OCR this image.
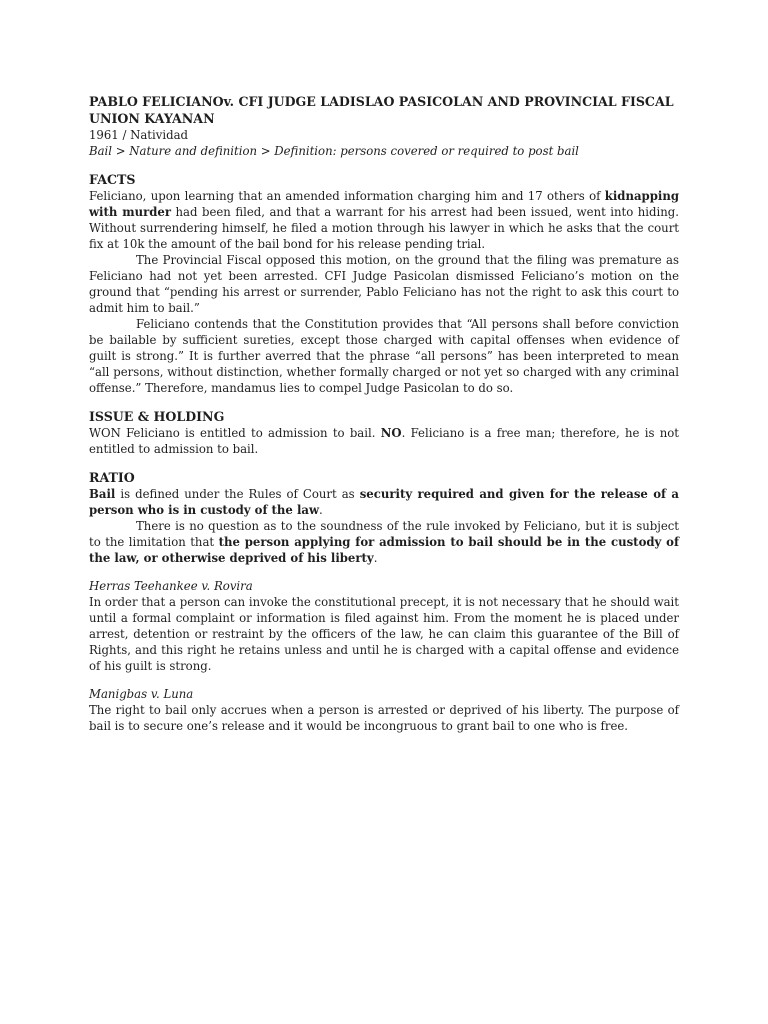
PABLO FELICIANOv. CFI JUDGE LADISLAO PASICOLAN AND PROVINCIAL FISCAL UNION KAYANAN

1961 / Natividad

Bail > Nature and definition > Definition: persons covered or required to post bail

FACTS

Feliciano, upon learning that an amended information charging him and 17 others of kidnapping with murder had been filed, and that a warrant for his arrest had been issued, went into hiding. Without surrendering himself, he filed a motion through his lawyer in which he asks that the court fix at 10k the amount of the bail bond for his release pending trial.

The Provincial Fiscal opposed this motion, on the ground that the filing was premature as Feliciano had not yet been arrested. CFI Judge Pasicolan dismissed Feliciano’s motion on the ground that “pending his arrest or surrender, Pablo Feliciano has not the right to ask this court to admit him to bail.”

Feliciano contends that the Constitution provides that “All persons shall before conviction be bailable by sufficient sureties, except those charged with capital offenses when evidence of guilt is strong.” It is further averred that the phrase “all persons” has been interpreted to mean “all persons, without distinction, whether formally charged or not yet so charged with any criminal offense.” Therefore, mandamus lies to compel Judge Pasicolan to do so.

ISSUE & HOLDING

WON Feliciano is entitled to admission to bail. NO. Feliciano is a free man; therefore, he is not entitled to admission to bail.

RATIO

Bail is defined under the Rules of Court as security required and given for the release of a person who is in custody of the law.

There is no question as to the soundness of the rule invoked by Feliciano, but it is subject to the limitation that the person applying for admission to bail should be in the custody of the law, or otherwise deprived of his liberty.

Herras Teehankee v. Rovira

In order that a person can invoke the constitutional precept, it is not necessary that he should wait until a formal complaint or information is filed against him. From the moment he is placed under arrest, detention or restraint by the officers of the law, he can claim this guarantee of the Bill of Rights, and this right he retains unless and until he is charged with a capital offense and evidence of his guilt is strong.

Manigbas v. Luna

The right to bail only accrues when a person is arrested or deprived of his liberty. The purpose of bail is to secure one’s release and it would be incongruous to grant bail to one who is free.
